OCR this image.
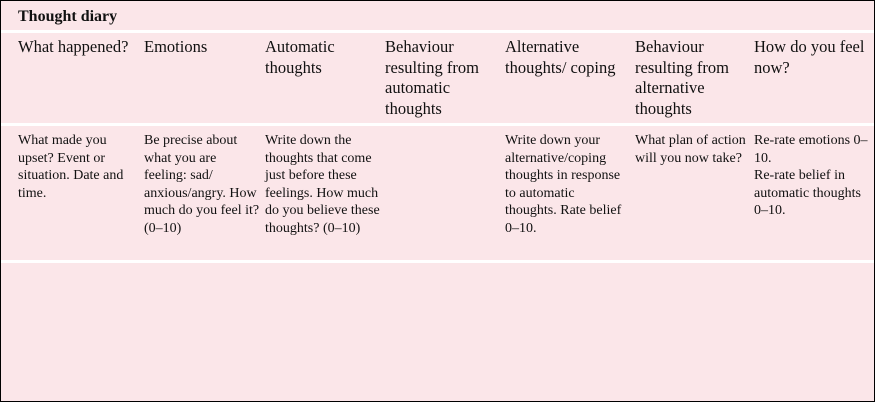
Thought diary
What happened? Emotions	Automatic thoughts
Behaviour resulting from automatic thoughts
Alternative thoughts/ coping
Behaviour resulting from alternative thoughts
How do you feel now?
What made you upset? Event or situation. Date and time.
Be precise about what you are feeling: sad/ anxious/angry. How much do you feel it? (0–10)
Write down the thoughts that come just before these feelings. How much do you believe these thoughts? (0–10)
Write down your alternative/coping thoughts in response to automatic thoughts. Rate belief 0–10.
What plan of action will you now take?
Re-rate emotions 0–10.
Re-rate belief in automatic thoughts 0–10.
